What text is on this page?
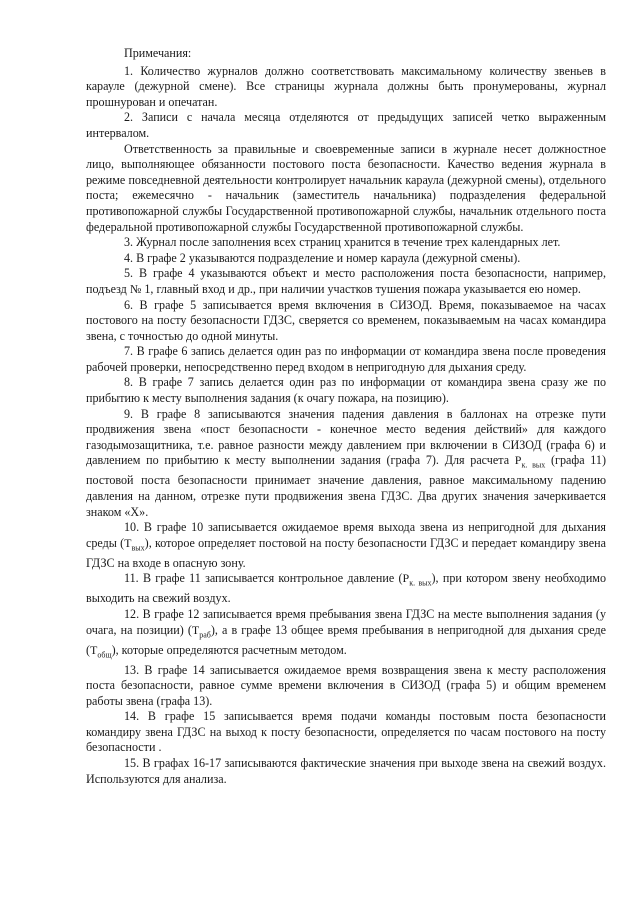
Примечания:

1. Количество журналов должно соответствовать максимальному количеству звеньев в карауле (дежурной смене). Все страницы журнала должны быть пронумерованы, журнал прошнурован и опечатан.

2. Записи с начала месяца отделяются от предыдущих записей четко выраженным интервалом.

Ответственность за правильные и своевременные записи в журнале несет должностное лицо, выполняющее обязанности постового поста безопасности. Качество ведения журнала в режиме повседневной деятельности контролирует начальник караула (дежурной смены), отдельного поста; ежемесячно - начальник (заместитель начальника) подразделения федеральной противопожарной службы Государственной противопожарной службы, начальник отдельного поста федеральной противопожарной службы Государственной противопожарной службы.

3. Журнал после заполнения всех страниц хранится в течение трех календарных лет.

4. В графе 2 указываются подразделение и номер караула (дежурной смены).

5. В графе 4 указываются объект и место расположения поста безопасности, например, подъезд № 1, главный вход и др., при наличии участков тушения пожара указывается ею номер.

6. В графе 5 записывается время включения в СИЗОД. Время, показываемое на часах постового на посту безопасности ГДЗС, сверяется со временем, показываемым на часах командира звена, с точностью до одной минуты.

7. В графе 6 запись делается один раз по информации от командира звена после проведения рабочей проверки, непосредственно перед входом в непригодную для дыхания среду.

8. В графе 7 запись делается один раз по информации от командира звена сразу же по прибытию к месту выполнения задания (к очагу пожара, на позицию).

9. В графе 8 записываются значения падения давления в баллонах на отрезке пути продвижения звена «пост безопасности - конечное место ведения действий» для каждого газодымозащитника, т.е. равное разности между давлением при включении в СИЗОД (графа 6) и давлением по прибытию к месту выполнении задания (графа 7). Для расчета $P_{к. вых}$ (графа 11) постовой поста безопасности принимает значение давления, равное максимальному падению давления на данном, отрезке пути продвижения звена ГДЗС. Два других значения зачеркивается знаком «Х».

10. В графе 10 записывается ожидаемое время выхода звена из непригодной для дыхания среды $(T_{вых})$, которое определяет постовой на посту безопасности ГДЗС и передает командиру звена ГДЗС на входе в опасную зону.

11. В графе 11 записывается контрольное давление $(P_{к. вых})$, при котором звену необходимо выходить на свежий воздух.

12. В графе 12 записывается время пребывания звена ГДЗС на месте выполнения задания (у очага, на позиции) $(T_{раб})$, а в графе 13 общее время пребывания в непригодной для дыхания среде $(T_{общ})$, которые определяются расчетным методом.

13. В графе 14 записывается ожидаемое время возвращения звена к месту расположения поста безопасности, равное сумме времени включения в СИЗОД (графа 5) и общим временем работы звена (графа 13).

14. В графе 15 записывается время подачи команды постовым поста безопасности командиру звена ГДЗС на выход к посту безопасности, определяется по часам постового на посту безопасности .

15. В графах 16-17 записываются фактические значения при выходе звена на свежий воздух. Используются для анализа.
